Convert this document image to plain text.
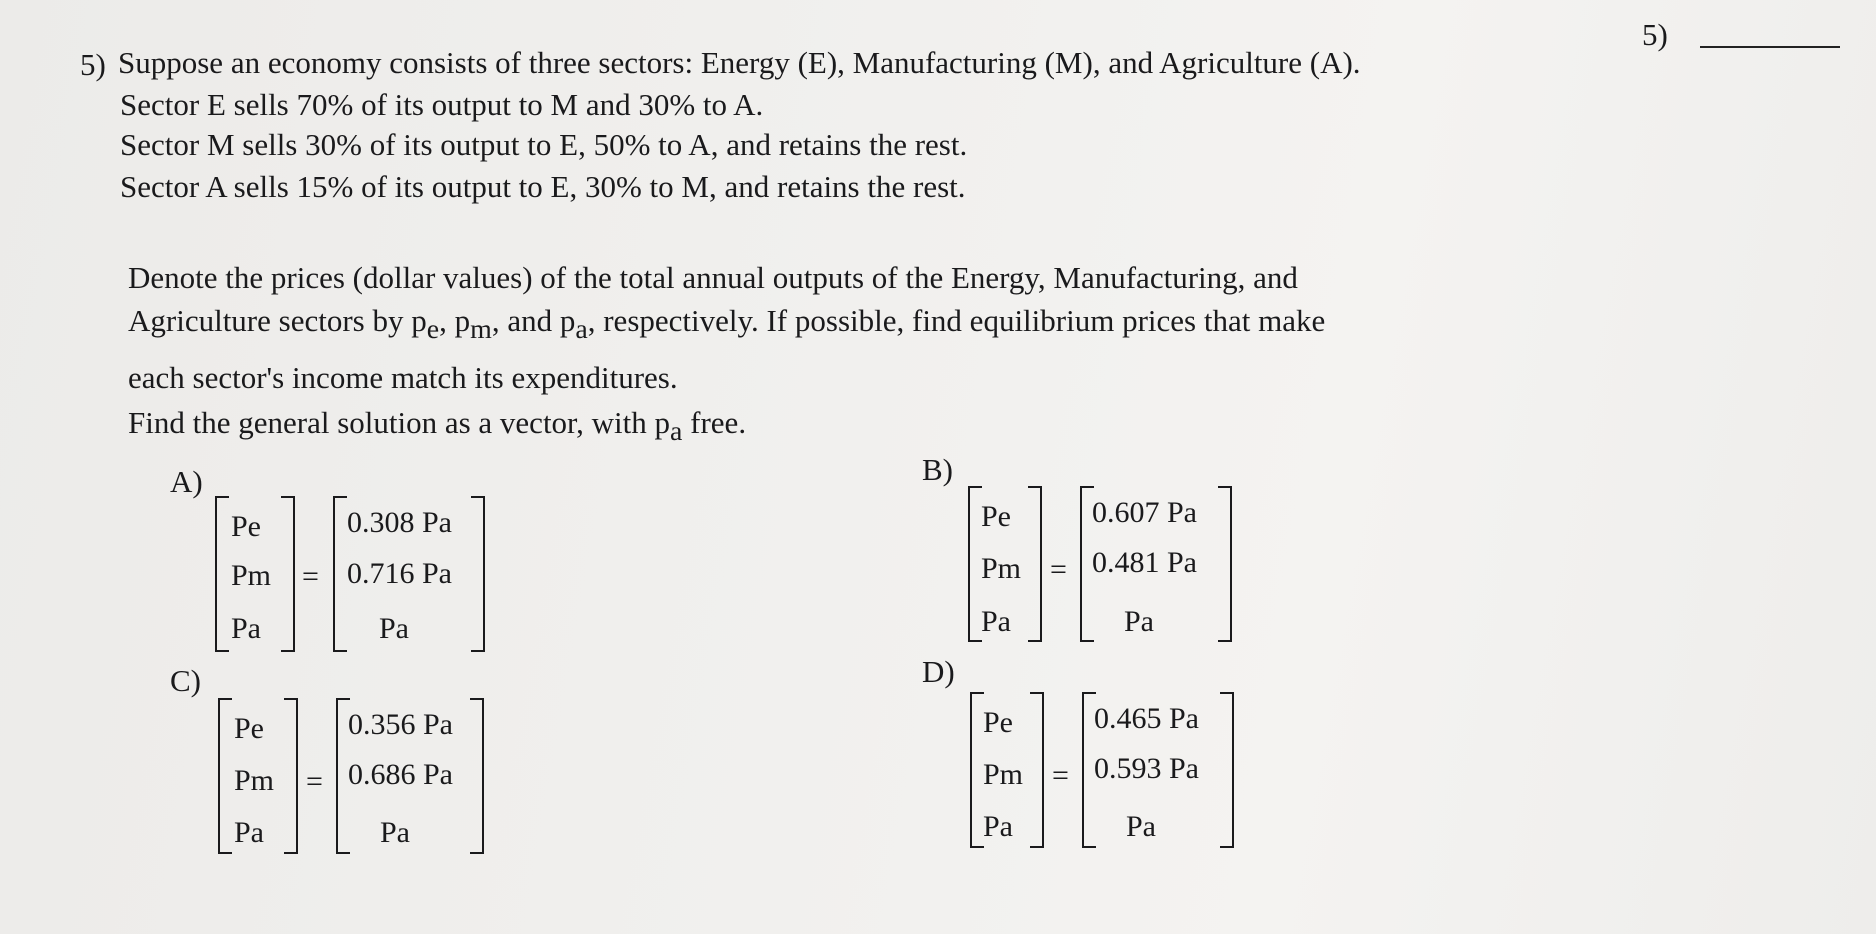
5) Suppose an economy consists of three sectors: Energy (E), Manufacturing (M), and Agriculture (A).
Sector E sells 70% of its output to M and 30% to A.
Sector M sells 30% of its output to E, 50% to A, and retains the rest.
Sector A sells 15% of its output to E, 30% to M, and retains the rest.
5)
Denote the prices (dollar values) of the total annual outputs of the Energy, Manufacturing, and
Agriculture sectors by $p_e$, $p_m$, and $p_a$, respectively. If possible, find equilibrium prices that make
each sector's income match its expenditures.
Find the general solution as a vector, with $p_a$ free.
A)
Pe
Pm
Pa
=
0.308 Pa
0.716 Pa
Pa
B)
Pe
Pm
Pa
=
0.607 Pa
0.481 Pa
Pa
C)
Pe
Pm
Pa
=
0.356 Pa
0.686 Pa
Pa
D)
Pe
Pm
Pa
=
0.465 Pa
0.593 Pa
Pa
